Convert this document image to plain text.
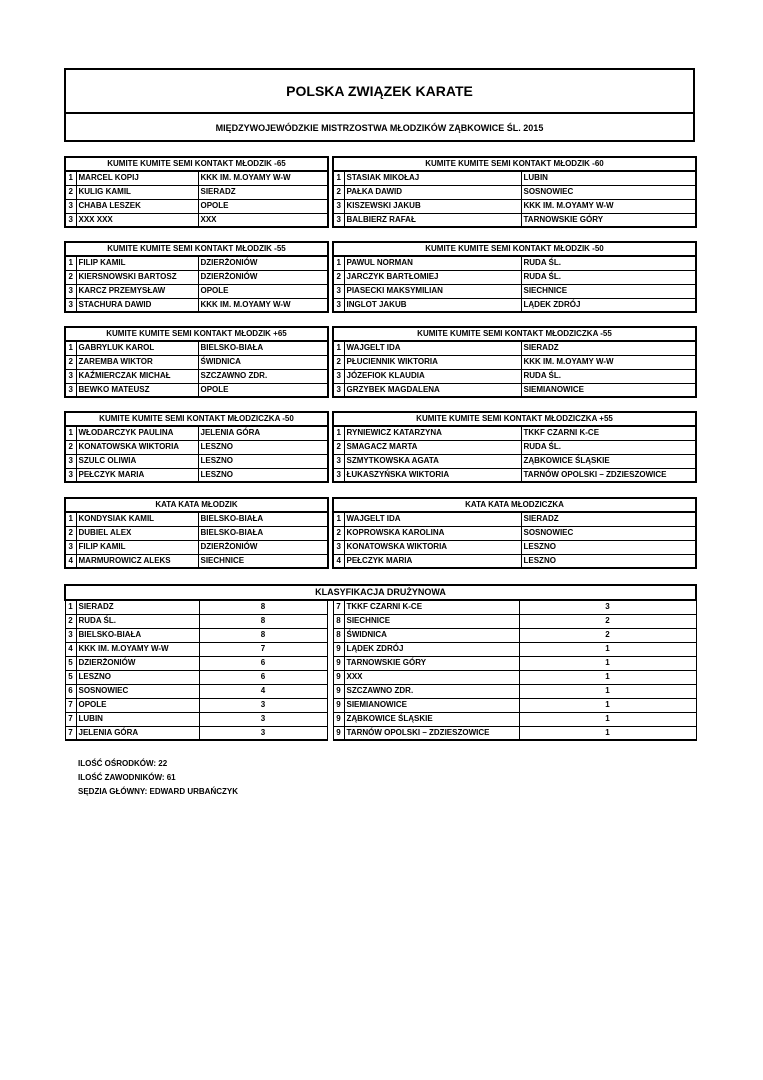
POLSKA ZWIĄZEK KARATE
MIĘDZYWOJEWÓDZKIE MISTRZOSTWA MŁODZIKÓW ZĄBKOWICE ŚL. 2015
KUMITE KUMITE SEMI KONTAKT MŁODZIK -65		
1	MARCEL KOPIJ	KKK IM. M.OYAMY W-W
2	KULIG KAMIL	SIERADZ
3	CHABA LESZEK	OPOLE
3	XXX XXX	XXX
KUMITE KUMITE SEMI KONTAKT MŁODZIK -60		
1	STASIAK MIKOŁAJ	LUBIN
2	PAŁKA DAWID	SOSNOWIEC
3	KISZEWSKI JAKUB	KKK IM. M.OYAMY W-W
3	BALBIERZ RAFAŁ	TARNOWSKIE GÓRY
KUMITE KUMITE SEMI KONTAKT MŁODZIK -55		
1	FILIP KAMIL	DZIERŻONIÓW
2	KIERSNOWSKI BARTOSZ	DZIERŻONIÓW
3	KARCZ PRZEMYSŁAW	OPOLE
3	STACHURA DAWID	KKK IM. M.OYAMY W-W
KUMITE KUMITE SEMI KONTAKT MŁODZIK -50		
1	PAWUL NORMAN	RUDA ŚL.
2	JARCZYK BARTŁOMIEJ	RUDA ŚL.
3	PIASECKI MAKSYMILIAN	SIECHNICE
3	INGLOT JAKUB	LĄDEK ZDRÓJ
KUMITE KUMITE SEMI KONTAKT MŁODZIK +65		
1	GABRYLUK KAROL	BIELSKO-BIAŁA
2	ZAREMBA WIKTOR	ŚWIDNICA
3	KAŹMIERCZAK MICHAŁ	SZCZAWNO ZDR.
3	BEWKO MATEUSZ	OPOLE
KUMITE KUMITE SEMI KONTAKT MŁODZICZKA -55		
1	WAJGELT IDA	SIERADZ
2	PŁUCIENNIK WIKTORIA	KKK IM. M.OYAMY W-W
3	JÓZEFIOK KLAUDIA	RUDA ŚL.
3	GRZYBEK MAGDALENA	SIEMIANOWICE
KUMITE KUMITE SEMI KONTAKT MŁODZICZKA -50		
1	WŁODARCZYK PAULINA	JELENIA GÓRA
2	KONATOWSKA WIKTORIA	LESZNO
3	SZULC OLIWIA	LESZNO
3	PEŁCZYK MARIA	LESZNO
KUMITE KUMITE SEMI KONTAKT MŁODZICZKA +55		
1	RYNIEWICZ KATARZYNA	TKKF CZARNI K-CE
2	SMAGACZ MARTA	RUDA ŚL.
3	SZMYTKOWSKA AGATA	ZĄBKOWICE ŚLĄSKIE
3	ŁUKASZYŃSKA WIKTORIA	TARNÓW OPOLSKI – ZDZIESZOWICE
KATA KATA MŁODZIK		
1	KONDYSIAK KAMIL	BIELSKO-BIAŁA
2	DUBIEL ALEX	BIELSKO-BIAŁA
3	FILIP KAMIL	DZIERŻONIÓW
4	MARMUROWICZ ALEKS	SIECHNICE
KATA KATA MŁODZICZKA		
1	WAJGELT IDA	SIERADZ
2	KOPROWSKA KAROLINA	SOSNOWIEC
3	KONATOWSKA WIKTORIA	LESZNO
4	PEŁCZYK MARIA	LESZNO
KLASYFIKACJA DRUŻYNOWA						
1	SIERADZ	8		7	TKKF CZARNI K-CE	3
2	RUDA ŚL.	8		8	SIECHNICE	2
3	BIELSKO-BIAŁA	8		8	ŚWIDNICA	2
4	KKK IM. M.OYAMY W-W	7		9	LĄDEK ZDRÓJ	1
5	DZIERŻONIÓW	6		9	TARNOWSKIE GÓRY	1
5	LESZNO	6		9	XXX	1
6	SOSNOWIEC	4		9	SZCZAWNO ZDR.	1
7	OPOLE	3		9	SIEMIANOWICE	1
7	LUBIN	3		9	ZĄBKOWICE ŚLĄSKIE	1
7	JELENIA GÓRA	3		9	TARNÓW OPOLSKI – ZDZIESZOWICE	1
ILOŚĆ OŚRODKÓW: 22
ILOŚĆ ZAWODNIKÓW: 61
SĘDZIA GŁÓWNY: EDWARD URBAŃCZYK
